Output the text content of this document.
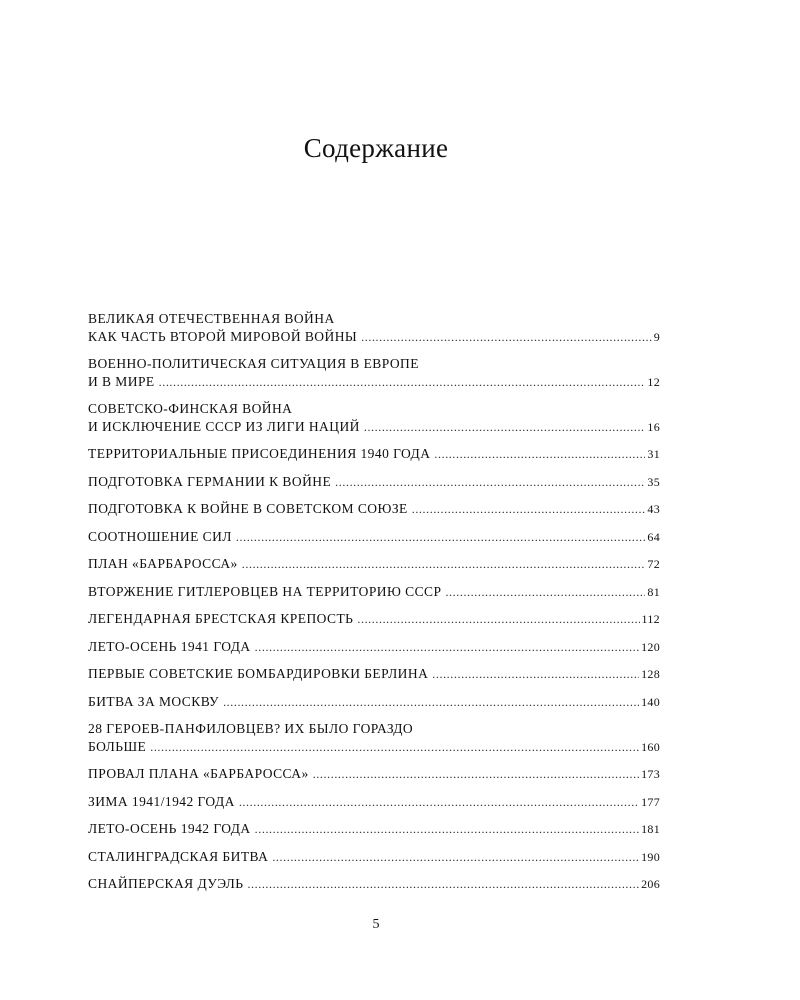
Содержание
ВЕЛИКАЯ ОТЕЧЕСТВЕННАЯ ВОЙНА
КАК ЧАСТЬ ВТОРОЙ МИРОВОЙ ВОЙНЫ .....	9
ВОЕННО-ПОЛИТИЧЕСКАЯ СИТУАЦИЯ В ЕВРОПЕ
И В МИРЕ .....	12
СОВЕТСКО-ФИНСКАЯ ВОЙНА
И ИСКЛЮЧЕНИЕ СССР ИЗ ЛИГИ НАЦИЙ .....	16
ТЕРРИТОРИАЛЬНЫЕ ПРИСОЕДИНЕНИЯ 1940 ГОДА .....	31
ПОДГОТОВКА ГЕРМАНИИ К ВОЙНЕ .....	35
ПОДГОТОВКА К ВОЙНЕ В СОВЕТСКОМ СОЮЗЕ .....	43
СООТНОШЕНИЕ СИЛ .....	64
ПЛАН «БАРБАРОССА» .....	72
ВТОРЖЕНИЕ ГИТЛЕРОВЦЕВ НА ТЕРРИТОРИЮ СССР .....	81
ЛЕГЕНДАРНАЯ БРЕСТСКАЯ КРЕПОСТЬ .....	112
ЛЕТО-ОСЕНЬ 1941 ГОДА .....	120
ПЕРВЫЕ СОВЕТСКИЕ БОМБАРДИРОВКИ БЕРЛИНА .....	128
БИТВА ЗА МОСКВУ .....	140
28 ГЕРОЕВ-ПАНФИЛОВЦЕВ? ИХ БЫЛО ГОРАЗДО
БОЛЬШЕ .....	160
ПРОВАЛ ПЛАНА «БАРБАРОССА» .....	173
ЗИМА 1941/1942 ГОДА .....	177
ЛЕТО-ОСЕНЬ 1942 ГОДА .....	181
СТАЛИНГРАДСКАЯ БИТВА .....	190
СНАЙПЕРСКАЯ ДУЭЛЬ .....	206
5
